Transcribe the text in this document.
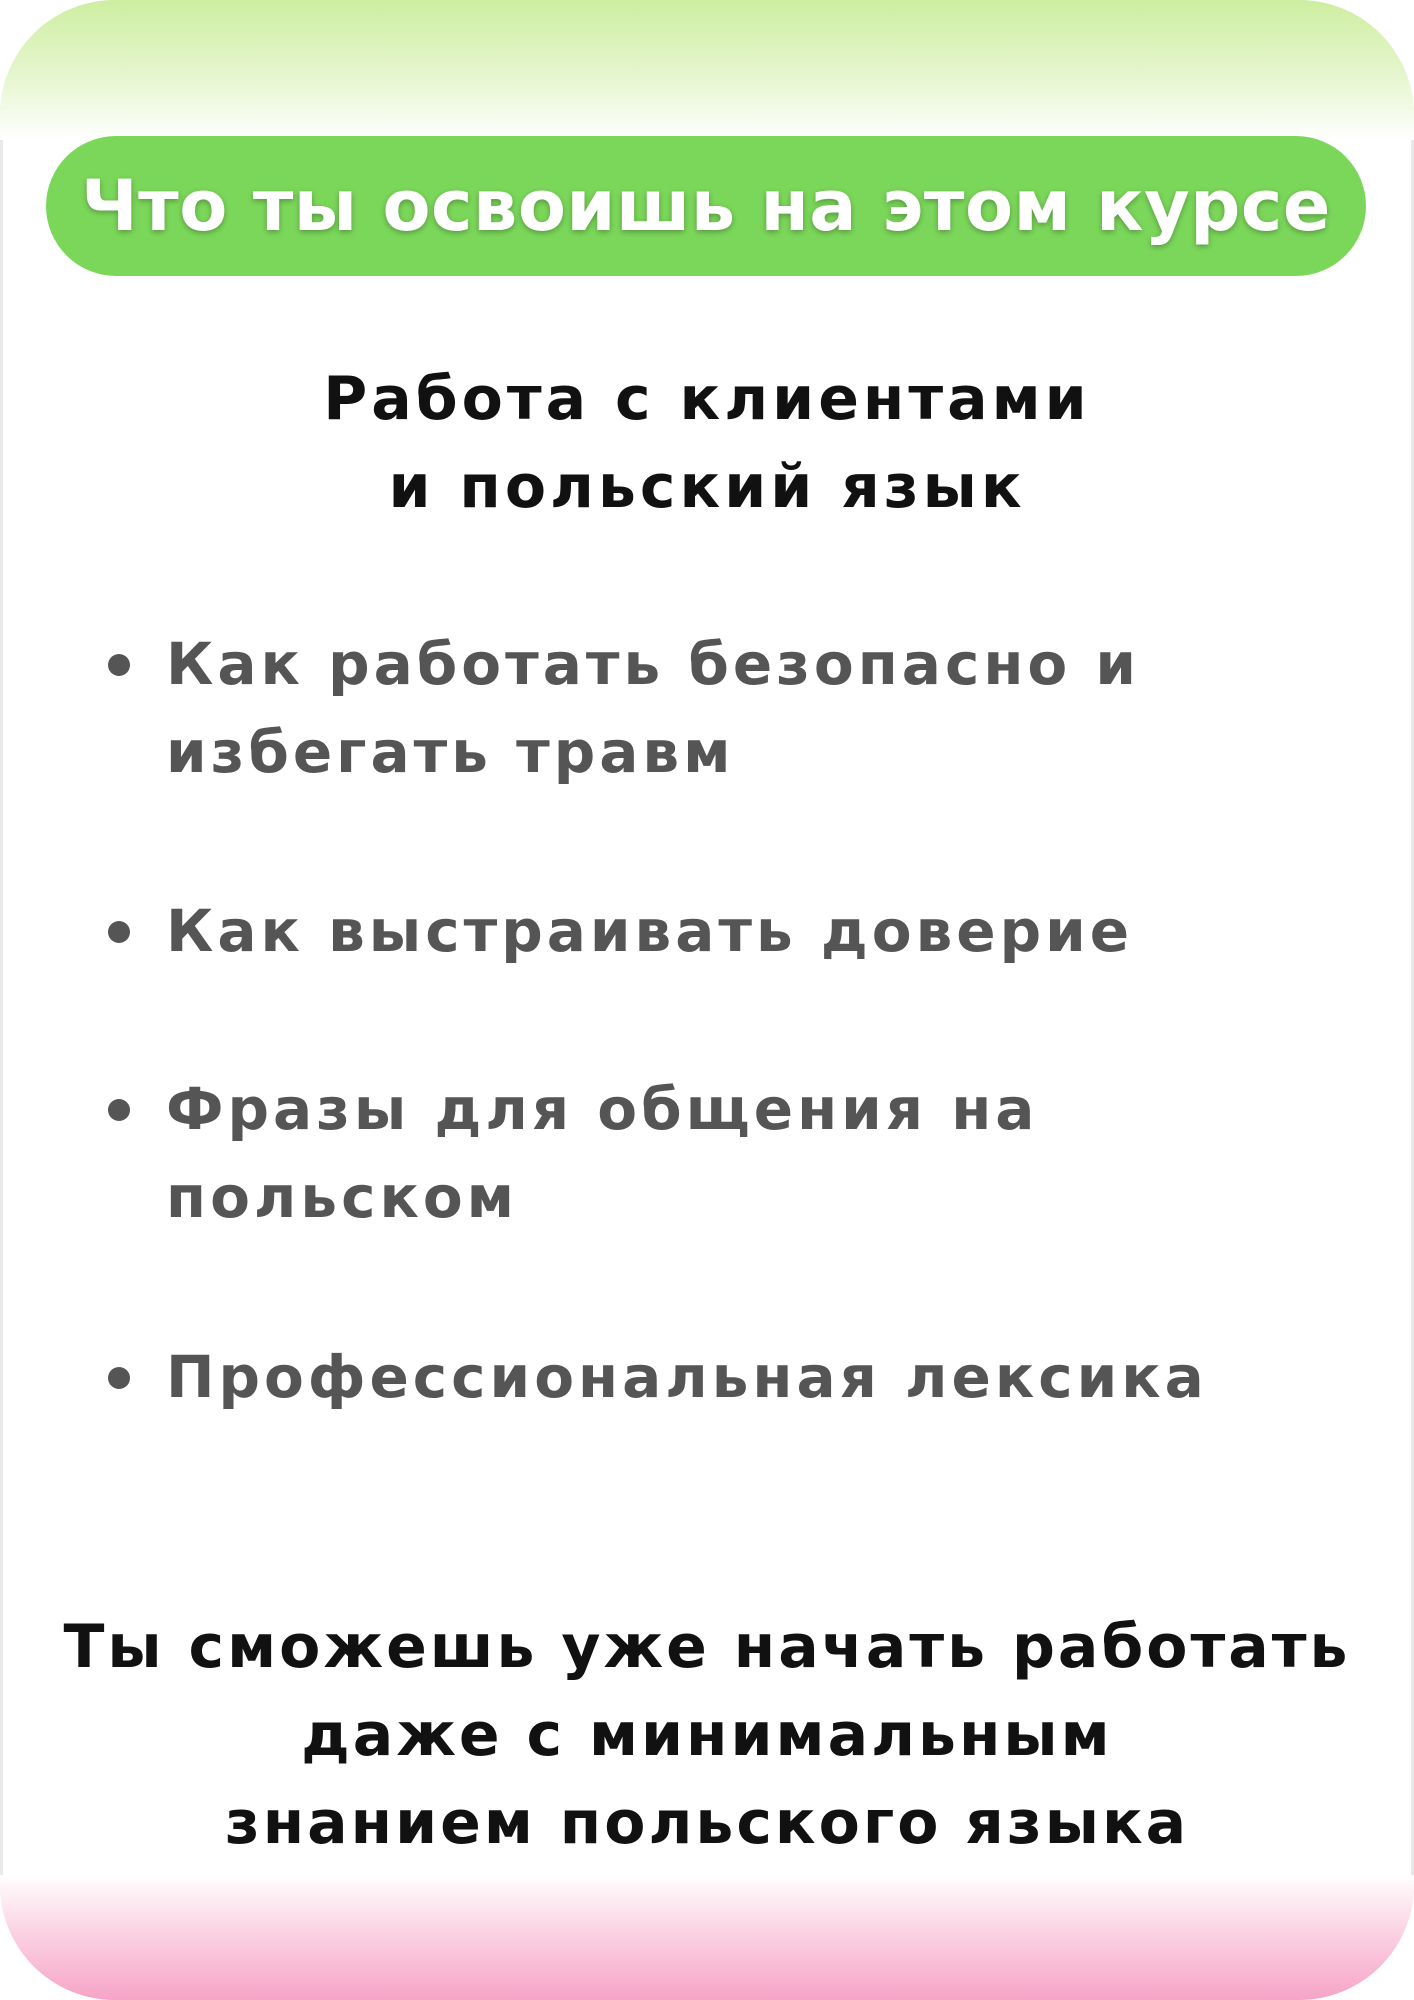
Что ты освоишь на этом курсе
Работа с клиентами
и польский язык
Как работать безопасно и
избегать травм
Как выстраивать доверие
Фразы для общения на
польском
Профессиональная лексика
Ты сможешь уже начать работать
даже с минимальным
знанием польского языка
